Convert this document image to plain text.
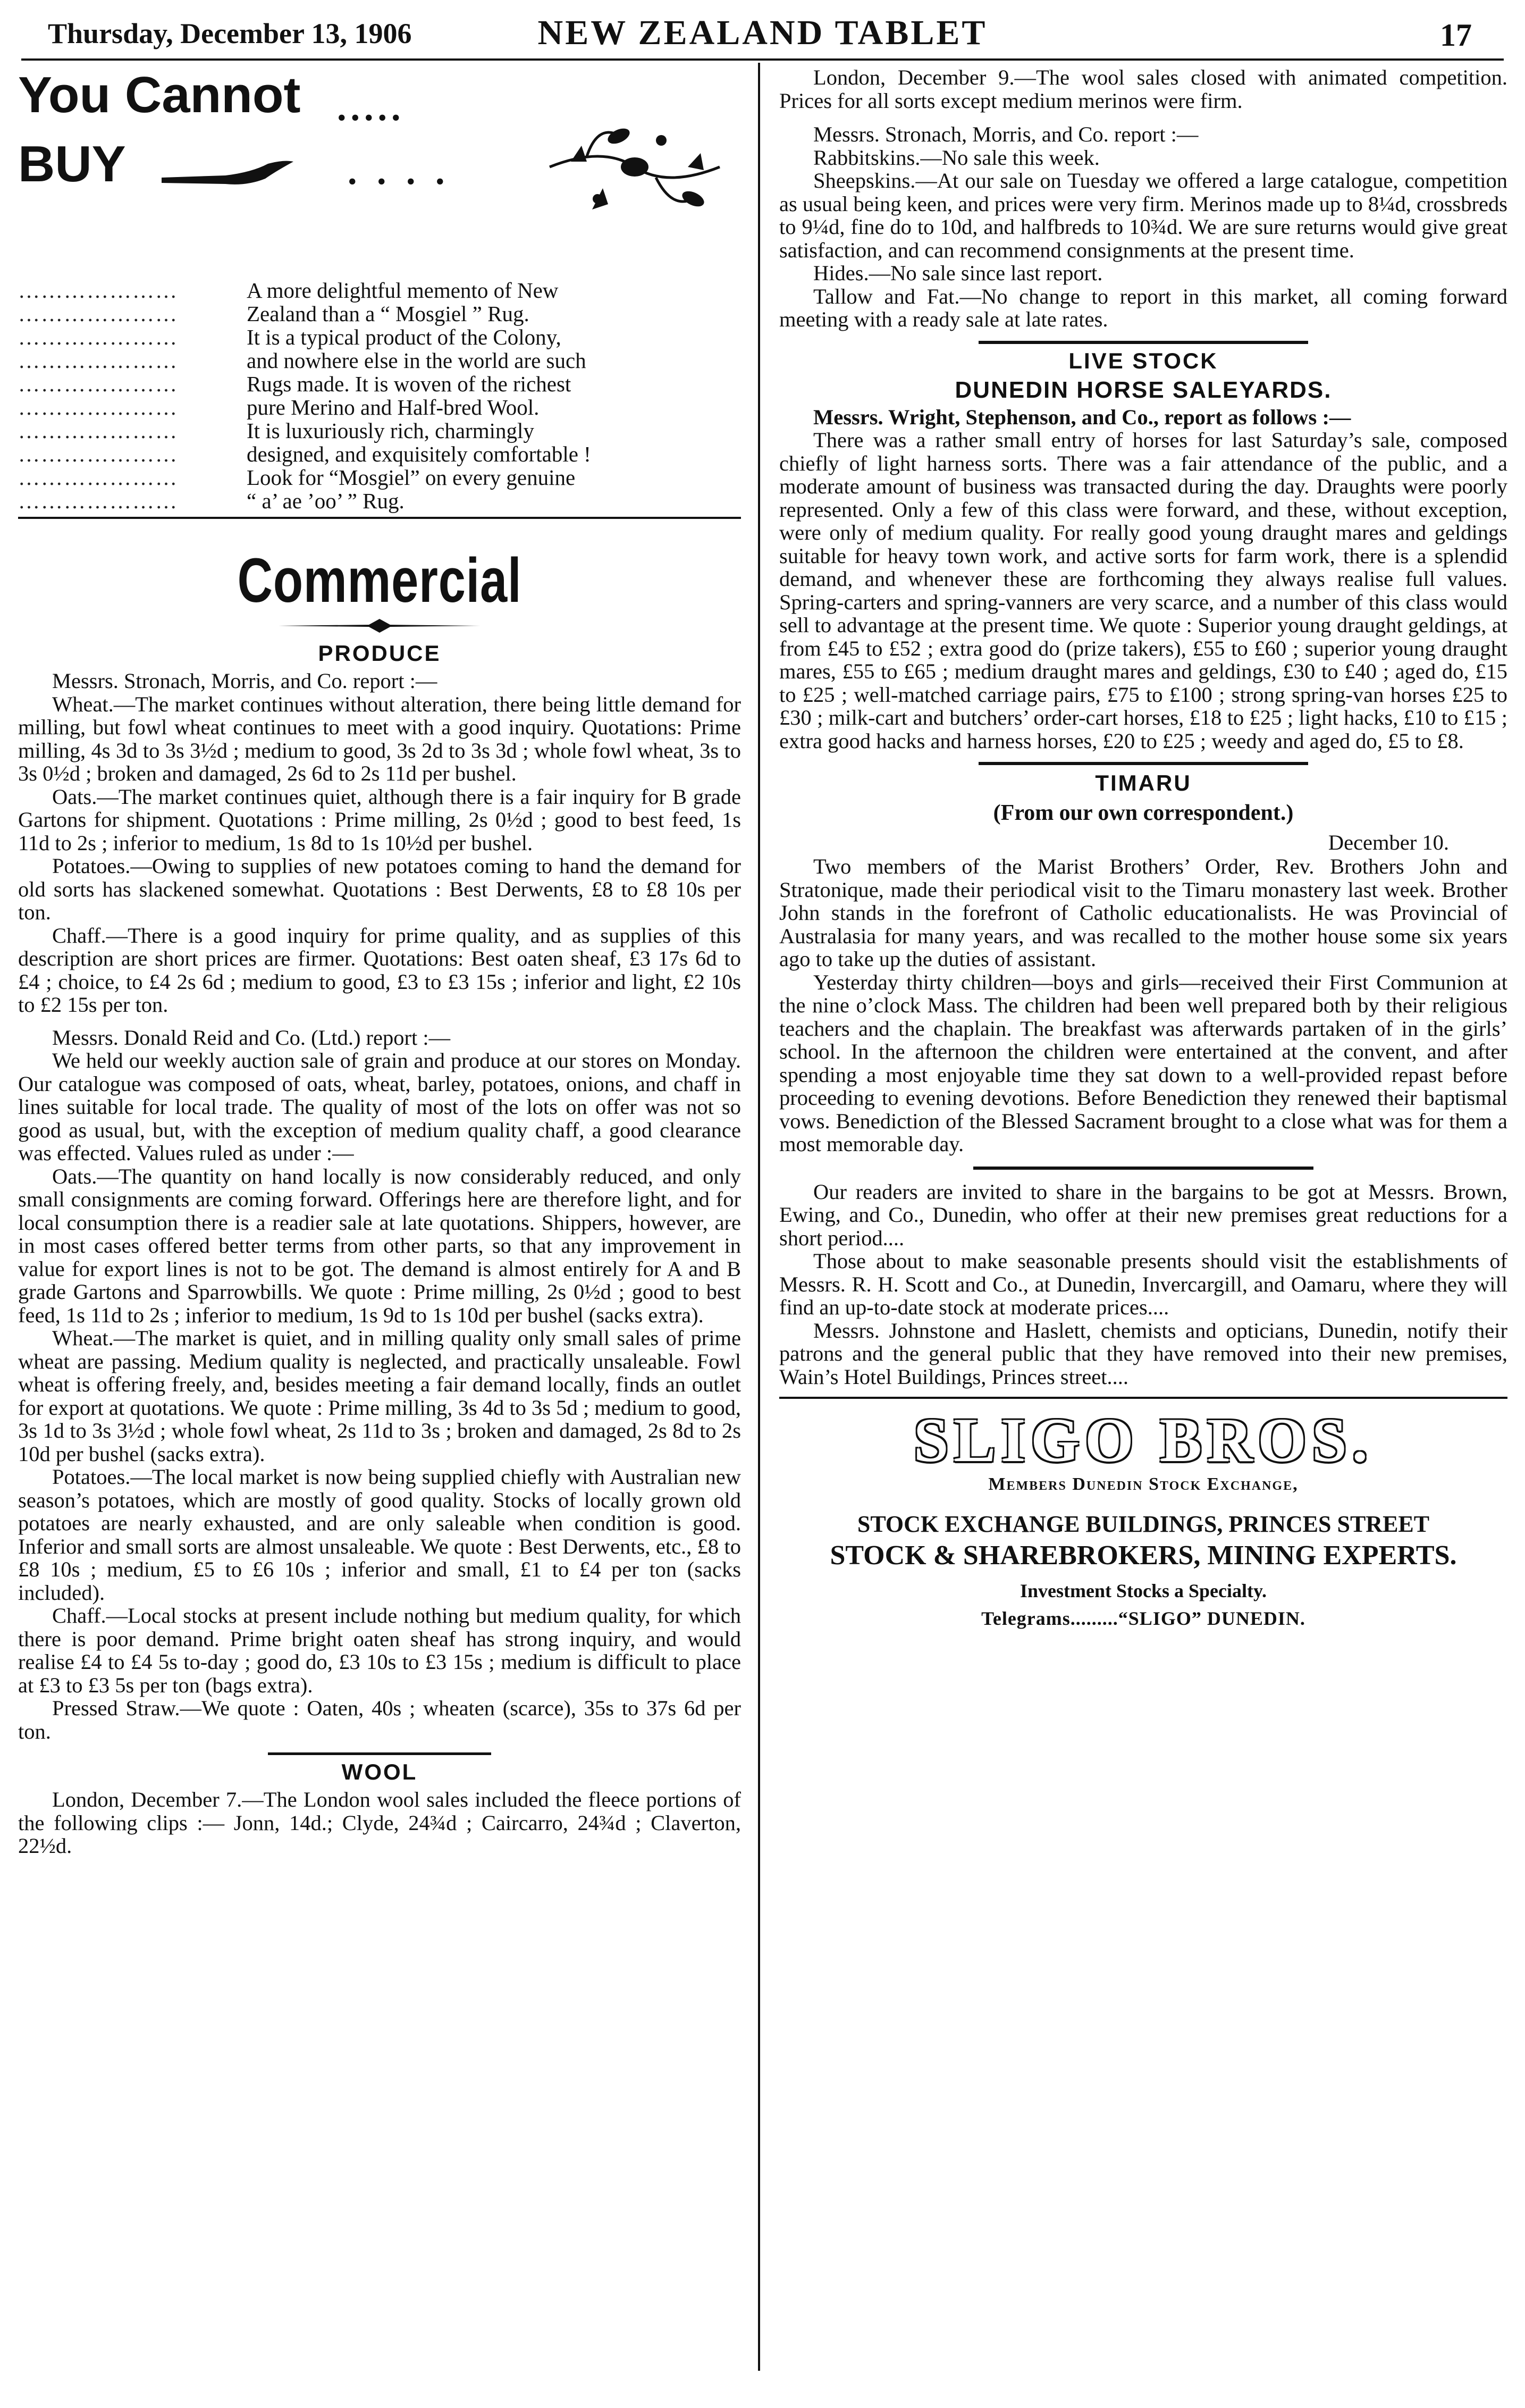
Thursday, December 13, 1906	NEW ZEALAND TABLET	17
You Cannot .....
BUY	. . . .
…………………	A more delightful memento of New
…………………	Zealand than a “ Mosgiel ” Rug.
…………………	It is a typical product of the Colony,
…………………	and nowhere else in the world are such
…………………	Rugs made. It is woven of the richest
…………………	pure Merino and Half-bred Wool.
…………………	It is luxuriously rich, charmingly
…………………	designed, and exquisitely comfortable !
…………………	Look for “Mosgiel” on every genuine
…………………	“ a’ ae ’oo’ ” Rug.
Commercial
PRODUCE
Messrs. Stronach, Morris, and Co. report :—

Wheat.—The market continues without alteration, there being little demand for milling, but fowl wheat continues to meet with a good inquiry. Quotations: Prime milling, 4s 3d to 3s 3½d ; medium to good, 3s 2d to 3s 3d ; whole fowl wheat, 3s to 3s 0½d ; broken and damaged, 2s 6d to 2s 11d per bushel.

Oats.—The market continues quiet, although there is a fair inquiry for B grade Gartons for shipment. Quotations : Prime milling, 2s 0½d ; good to best feed, 1s 11d to 2s ; inferior to medium, 1s 8d to 1s 10½d per bushel.

Potatoes.—Owing to supplies of new potatoes coming to hand the demand for old sorts has slackened somewhat. Quotations : Best Derwents, £8 to £8 10s per ton.

Chaff.—There is a good inquiry for prime quality, and as supplies of this description are short prices are firmer. Quotations: Best oaten sheaf, £3 17s 6d to £4 ; choice, to £4 2s 6d ; medium to good, £3 to £3 15s ; inferior and light, £2 10s to £2 15s per ton.

Messrs. Donald Reid and Co. (Ltd.) report :—

We held our weekly auction sale of grain and produce at our stores on Monday. Our catalogue was composed of oats, wheat, barley, potatoes, onions, and chaff in lines suitable for local trade. The quality of most of the lots on offer was not so good as usual, but, with the exception of medium quality chaff, a good clearance was effected. Values ruled as under :—

Oats.—The quantity on hand locally is now considerably reduced, and only small consignments are coming forward. Offerings here are therefore light, and for local consumption there is a readier sale at late quotations. Shippers, however, are in most cases offered better terms from other parts, so that any improvement in value for export lines is not to be got. The demand is almost entirely for A and B grade Gartons and Sparrowbills. We quote : Prime milling, 2s 0½d ; good to best feed, 1s 11d to 2s ; inferior to medium, 1s 9d to 1s 10d per bushel (sacks extra).

Wheat.—The market is quiet, and in milling quality only small sales of prime wheat are passing. Medium quality is neglected, and practically unsaleable. Fowl wheat is offering freely, and, besides meeting a fair demand locally, finds an outlet for export at quotations. We quote : Prime milling, 3s 4d to 3s 5d ; medium to good, 3s 1d to 3s 3½d ; whole fowl wheat, 2s 11d to 3s ; broken and damaged, 2s 8d to 2s 10d per bushel (sacks extra).

Potatoes.—The local market is now being supplied chiefly with Australian new season’s potatoes, which are mostly of good quality. Stocks of locally grown old potatoes are nearly exhausted, and are only saleable when condition is good. Inferior and small sorts are almost unsaleable. We quote : Best Derwents, etc., £8 to £8 10s ; medium, £5 to £6 10s ; inferior and small, £1 to £4 per ton (sacks included).

Chaff.—Local stocks at present include nothing but medium quality, for which there is poor demand. Prime bright oaten sheaf has strong inquiry, and would realise £4 to £4 5s to-day ; good do, £3 10s to £3 15s ; medium is difficult to place at £3 to £3 5s per ton (bags extra).

Pressed Straw.—We quote : Oaten, 40s ; wheaten (scarce), 35s to 37s 6d per ton.

WOOL

London, December 7.—The London wool sales included the fleece portions of the following clips :— Jonn, 14d.; Clyde, 24¾d ; Caircarro, 24¾d ; Claverton, 22½d.

London, December 9.—The wool sales closed with animated competition. Prices for all sorts except medium merinos were firm.

Messrs. Stronach, Morris, and Co. report :—

Rabbitskins.—No sale this week.

Sheepskins.—At our sale on Tuesday we offered a large catalogue, competition as usual being keen, and prices were very firm. Merinos made up to 8¼d, crossbreds to 9¼d, fine do to 10d, and halfbreds to 10¾d. We are sure returns would give great satisfaction, and can recommend consignments at the present time.

Hides.—No sale since last report.

Tallow and Fat.—No change to report in this market, all coming forward meeting with a ready sale at late rates.

LIVE STOCK
DUNEDIN HORSE SALEYARDS.
Messrs. Wright, Stephenson, and Co., report as follows :—

There was a rather small entry of horses for last Saturday’s sale, composed chiefly of light harness sorts. There was a fair attendance of the public, and a moderate amount of business was transacted during the day. Draughts were poorly represented. Only a few of this class were forward, and these, without exception, were only of medium quality. For really good young draught mares and geldings suitable for heavy town work, and active sorts for farm work, there is a splendid demand, and whenever these are forthcoming they always realise full values. Spring-carters and spring-vanners are very scarce, and a number of this class would sell to advantage at the present time. We quote : Superior young draught geldings, at from £45 to £52 ; extra good do (prize takers), £55 to £60 ; superior young draught mares, £55 to £65 ; medium draught mares and geldings, £30 to £40 ; aged do, £15 to £25 ; well-matched carriage pairs, £75 to £100 ; strong spring-van horses £25 to £30 ; milk-cart and butchers’ order-cart horses, £18 to £25 ; light hacks, £10 to £15 ; extra good hacks and harness horses, £20 to £25 ; weedy and aged do, £5 to £8.

TIMARU
(From our own correspondent.)
December 10.

Two members of the Marist Brothers’ Order, Rev. Brothers John and Stratonique, made their periodical visit to the Timaru monastery last week. Brother John stands in the forefront of Catholic educationalists. He was Provincial of Australasia for many years, and was recalled to the mother house some six years ago to take up the duties of assistant.

Yesterday thirty children—boys and girls—received their First Communion at the nine o’clock Mass. The children had been well prepared both by their religious teachers and the chaplain. The breakfast was afterwards partaken of in the girls’ school. In the afternoon the children were entertained at the convent, and after spending a most enjoyable time they sat down to a well-provided repast before proceeding to evening devotions. Before Benediction they renewed their baptismal vows. Benediction of the Blessed Sacrament brought to a close what was for them a most memorable day.

Our readers are invited to share in the bargains to be got at Messrs. Brown, Ewing, and Co., Dunedin, who offer at their new premises great reductions for a short period....

Those about to make seasonable presents should visit the establishments of Messrs. R. H. Scott and Co., at Dunedin, Invercargill, and Oamaru, where they will find an up-to-date stock at moderate prices....

Messrs. Johnstone and Haslett, chemists and opticians, Dunedin, notify their patrons and the general public that they have removed into their new premises, Wain’s Hotel Buildings, Princes street....

SLIGO BROS.
Members Dunedin Stock Exchange,
STOCK EXCHANGE BUILDINGS, PRINCES STREET
STOCK & SHAREBROKERS, MINING EXPERTS.
Investment Stocks a Specialty.
Telegrams.........“SLIGO” DUNEDIN.
